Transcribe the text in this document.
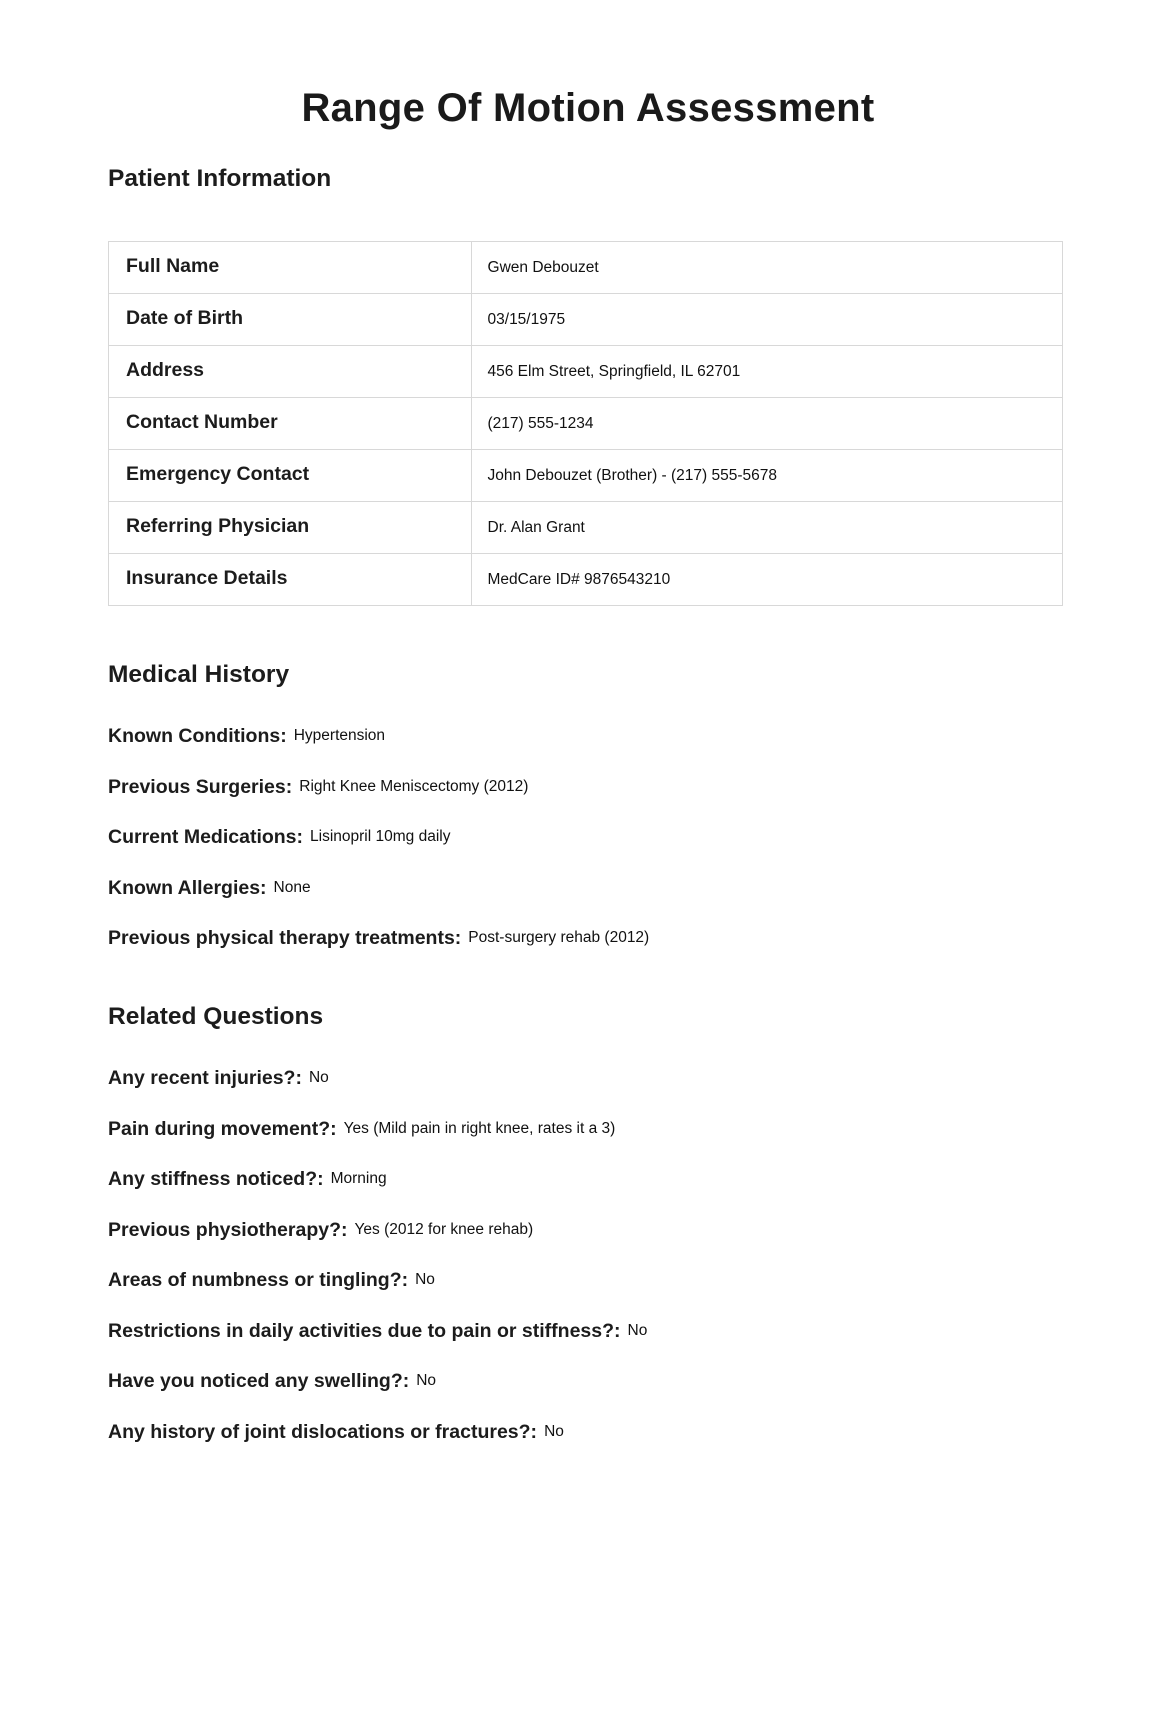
Range Of Motion Assessment
Patient Information
Full Name	Gwen Debouzet
Date of Birth	03/15/1975
Address	456 Elm Street, Springfield, IL 62701
Contact Number	(217) 555-1234
Emergency Contact	John Debouzet (Brother) - (217) 555-5678
Referring Physician	Dr. Alan Grant
Insurance Details	MedCare ID# 9876543210
Medical History
Known Conditions: Hypertension
Previous Surgeries: Right Knee Meniscectomy (2012)
Current Medications: Lisinopril 10mg daily
Known Allergies: None
Previous physical therapy treatments: Post-surgery rehab (2012)
Related Questions
Any recent injuries?: No
Pain during movement?: Yes (Mild pain in right knee, rates it a 3)
Any stiffness noticed?: Morning
Previous physiotherapy?: Yes (2012 for knee rehab)
Areas of numbness or tingling?: No
Restrictions in daily activities due to pain or stiffness?: No
Have you noticed any swelling?: No
Any history of joint dislocations or fractures?: No
